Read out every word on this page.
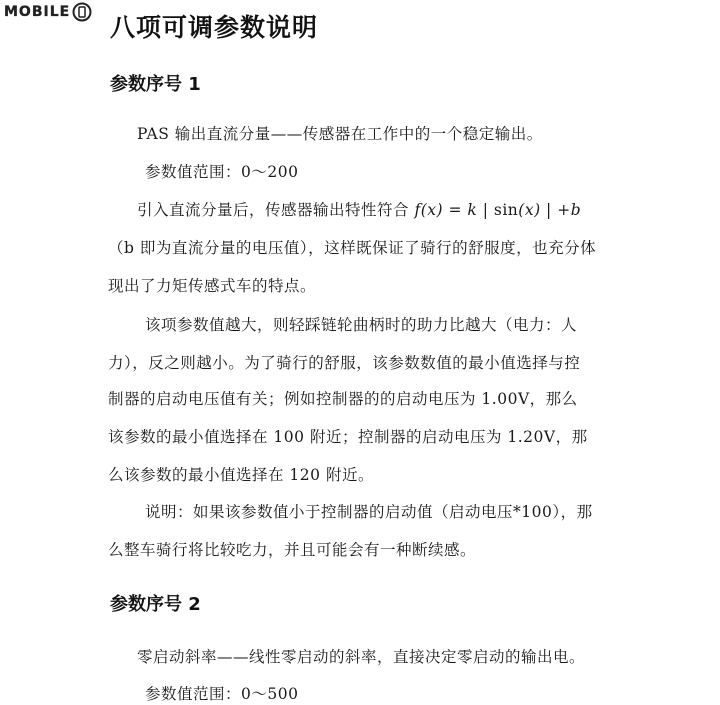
MOBILE
八项可调参数说明
参数序号 1

PAS 输出直流分量——传感器在工作中的一个稳定输出。

参数值范围：0～200

引入直流分量后，传感器输出特性符合 f(x) = k | sin(x) | +b

（b 即为直流分量的电压值），这样既保证了骑行的舒服度，也充分体

现出了力矩传感式车的特点。

该项参数值越大，则轻踩链轮曲柄时的助力比越大（电力：人

力），反之则越小。为了骑行的舒服，该参数数值的最小值选择与控

制器的启动电压值有关；例如控制器的的启动电压为 1.00V，那么

该参数的最小值选择在 100 附近；控制器的启动电压为 1.20V，那

么该参数的最小值选择在 120 附近。

说明：如果该参数值小于控制器的启动值（启动电压*100），那

么整车骑行将比较吃力，并且可能会有一种断续感。

参数序号 2

零启动斜率——线性零启动的斜率，直接决定零启动的输出电。

参数值范围：0～500
